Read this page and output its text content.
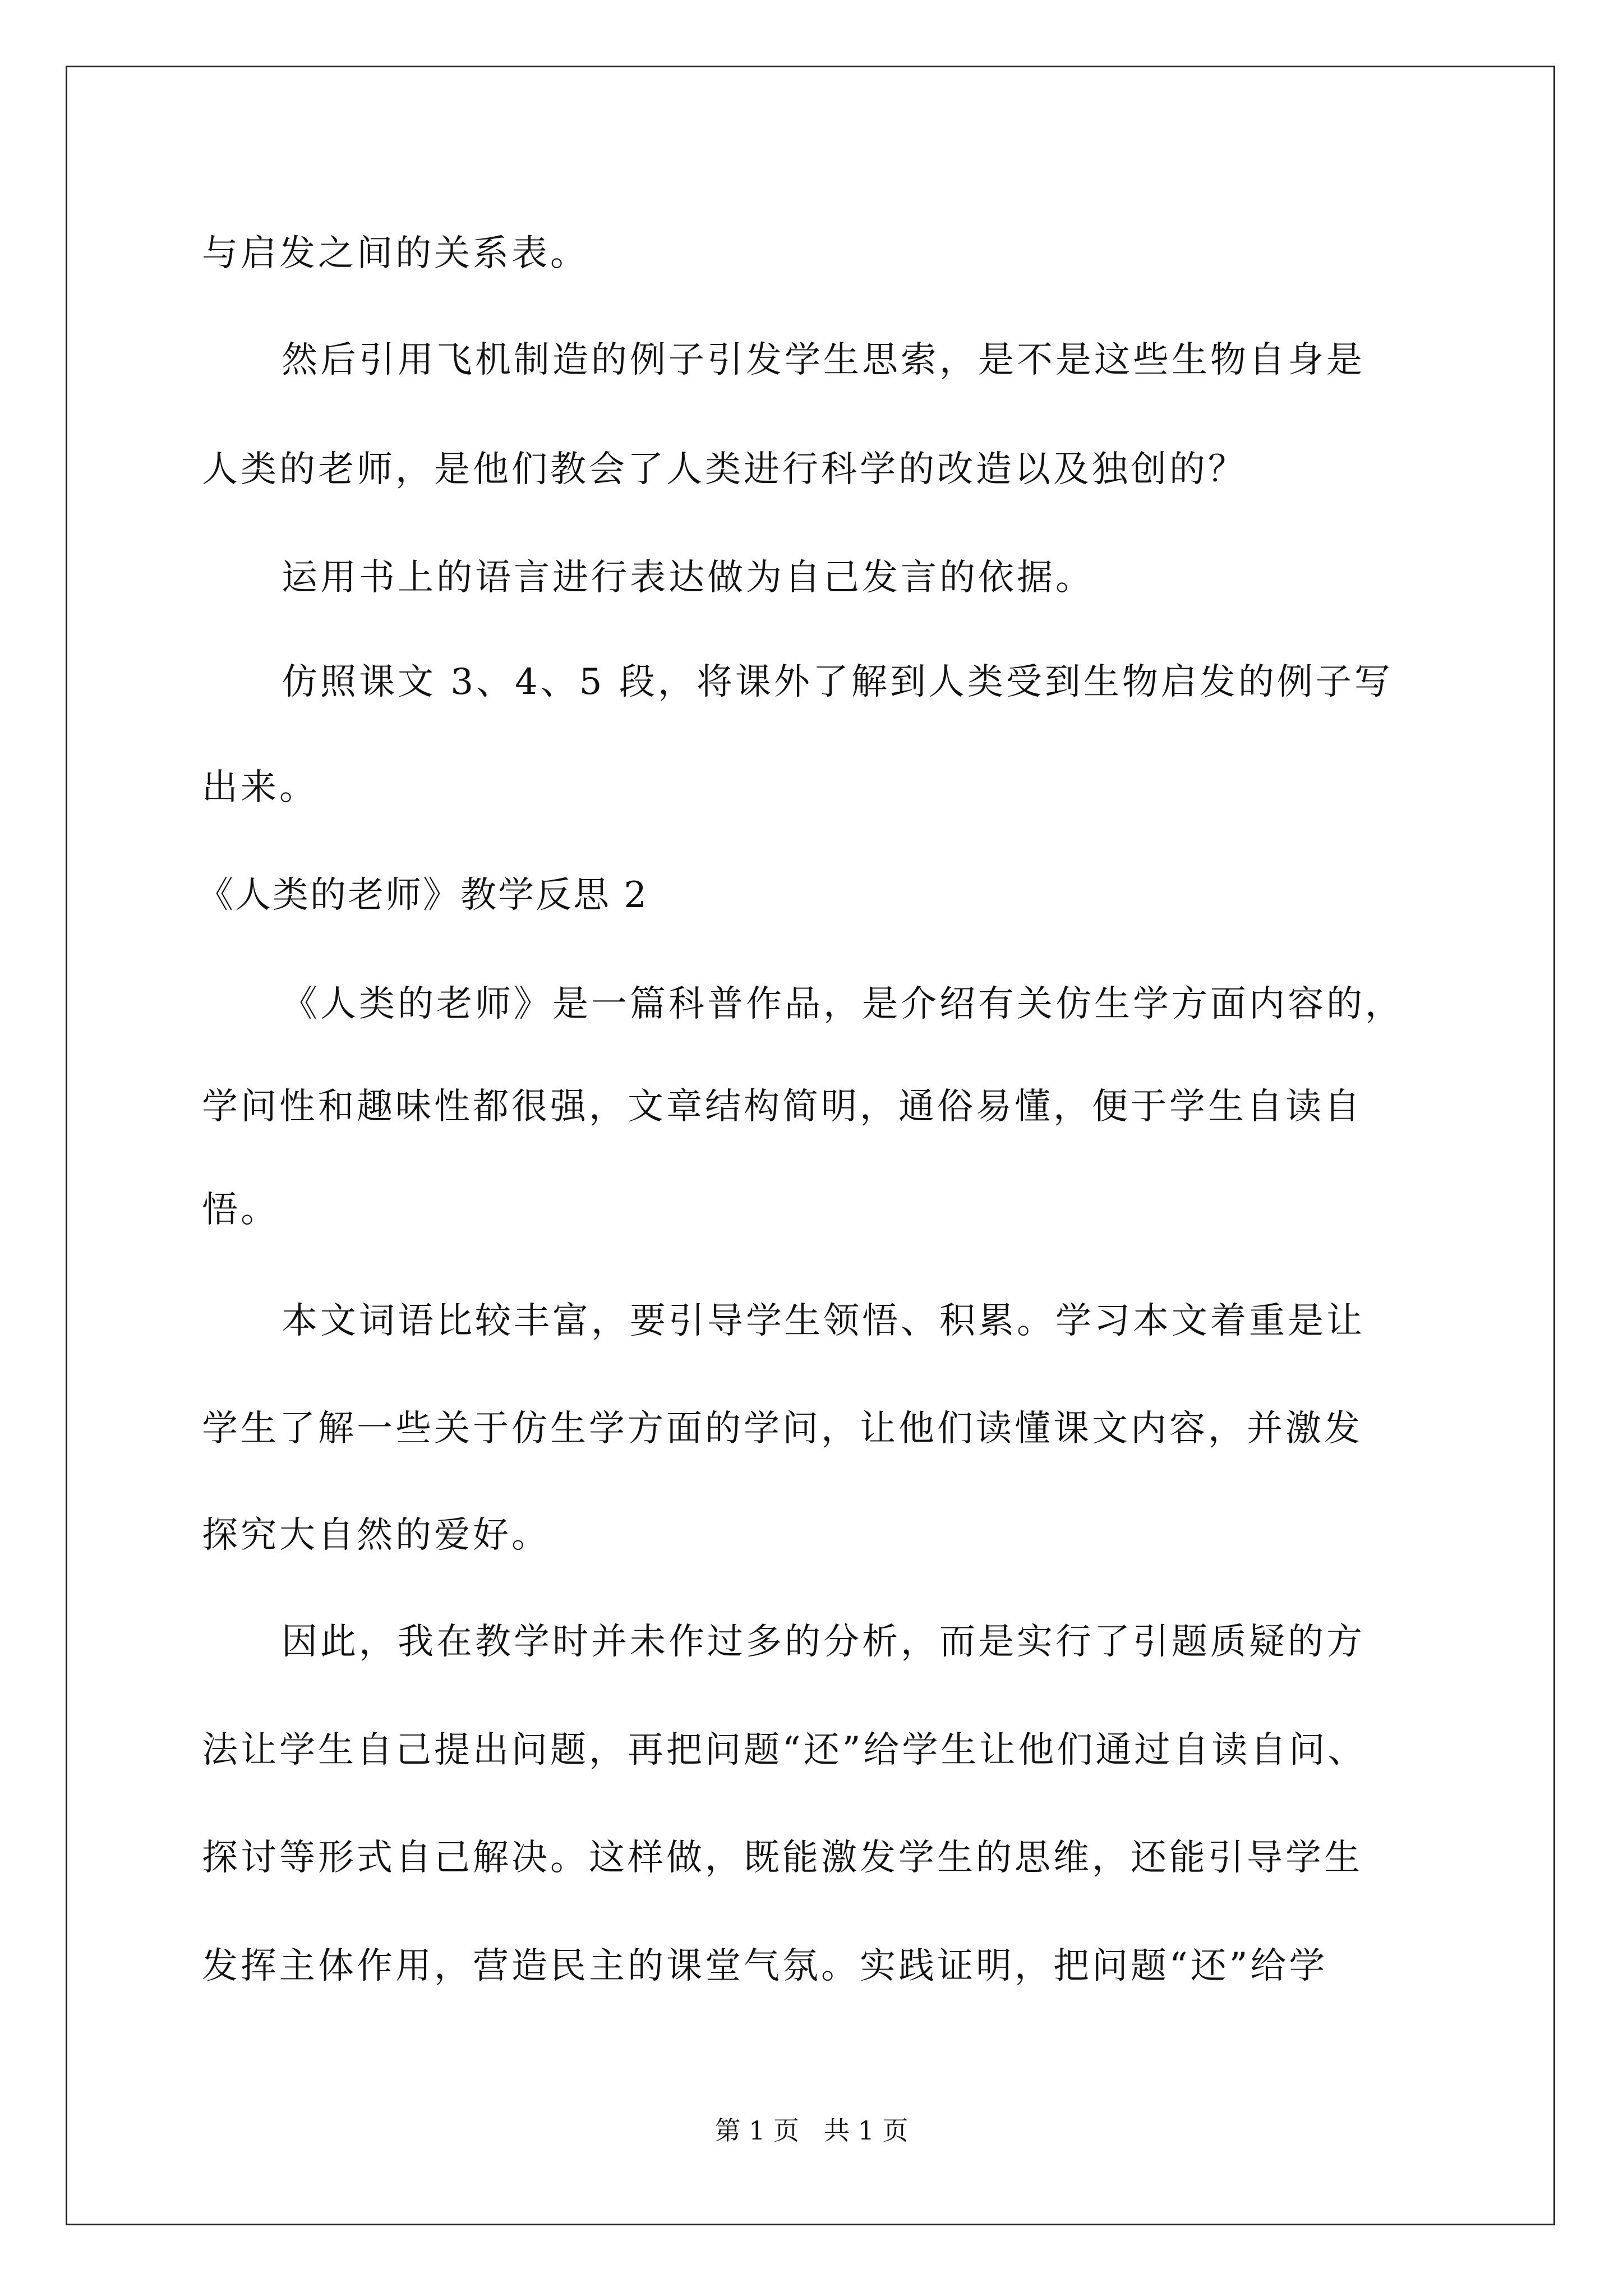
与启发之间的关系表。
然后引用飞机制造的例子引发学生思索，是不是这些生物自身是
人类的老师，是他们教会了人类进行科学的改造以及独创的？
运用书上的语言进行表达做为自己发言的依据。
仿照课文 3、4、5 段，将课外了解到人类受到生物启发的例子写
出来。
《人类的老师》教学反思 2
《人类的老师》是一篇科普作品，是介绍有关仿生学方面内容的，
学问性和趣味性都很强，文章结构简明，通俗易懂，便于学生自读自
悟。
本文词语比较丰富，要引导学生领悟、积累。学习本文着重是让
学生了解一些关于仿生学方面的学问，让他们读懂课文内容，并激发
探究大自然的爱好。
因此，我在教学时并未作过多的分析，而是实行了引题质疑的方
法让学生自己提出问题，再把问题“还”给学生让他们通过自读自问、
探讨等形式自己解决。这样做，既能激发学生的思维，还能引导学生
发挥主体作用，营造民主的课堂气氛。实践证明，把问题“还”给学
第 1 页 共 1 页
